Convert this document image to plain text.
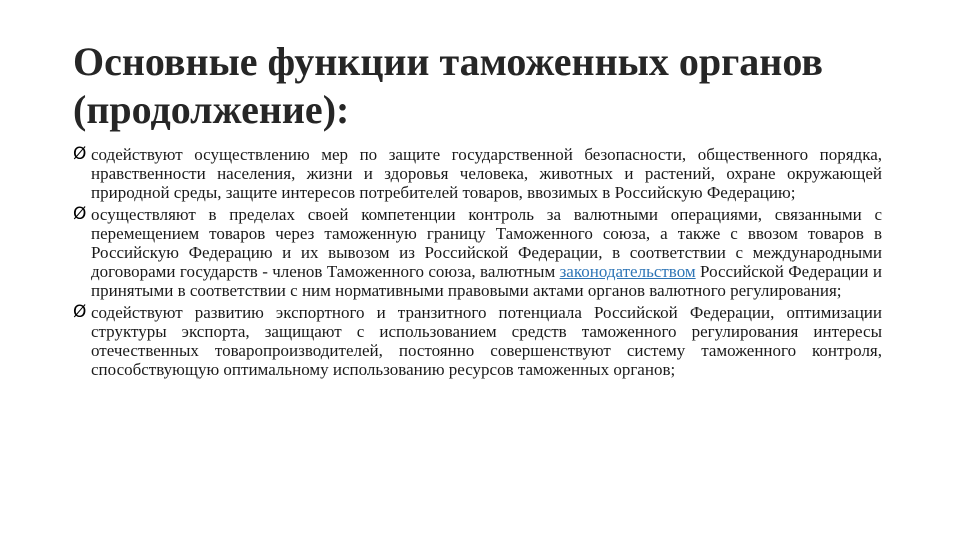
Основные функции таможенных органов (продолжение):
Ø содействуют осуществлению мер по защите государственной безопасности, общественного порядка, нравственности населения, жизни и здоровья человека, животных и растений, охране окружающей природной среды, защите интересов потребителей товаров, ввозимых в Российскую Федерацию;
Ø осуществляют в пределах своей компетенции контроль за валютными операциями, связанными с перемещением товаров через таможенную границу Таможенного союза, а также с ввозом товаров в Российскую Федерацию и их вывозом из Российской Федерации, в соответствии с международными договорами государств - членов Таможенного союза, валютным законодательством Российской Федерации и принятыми в соответствии с ним нормативными правовыми актами органов валютного регулирования;
Ø содействуют развитию экспортного и транзитного потенциала Российской Федерации, оптимизации структуры экспорта, защищают с использованием средств таможенного регулирования интересы отечественных товаропроизводителей, постоянно совершенствуют систему таможенного контроля, способствующую оптимальному использованию ресурсов таможенных органов;
